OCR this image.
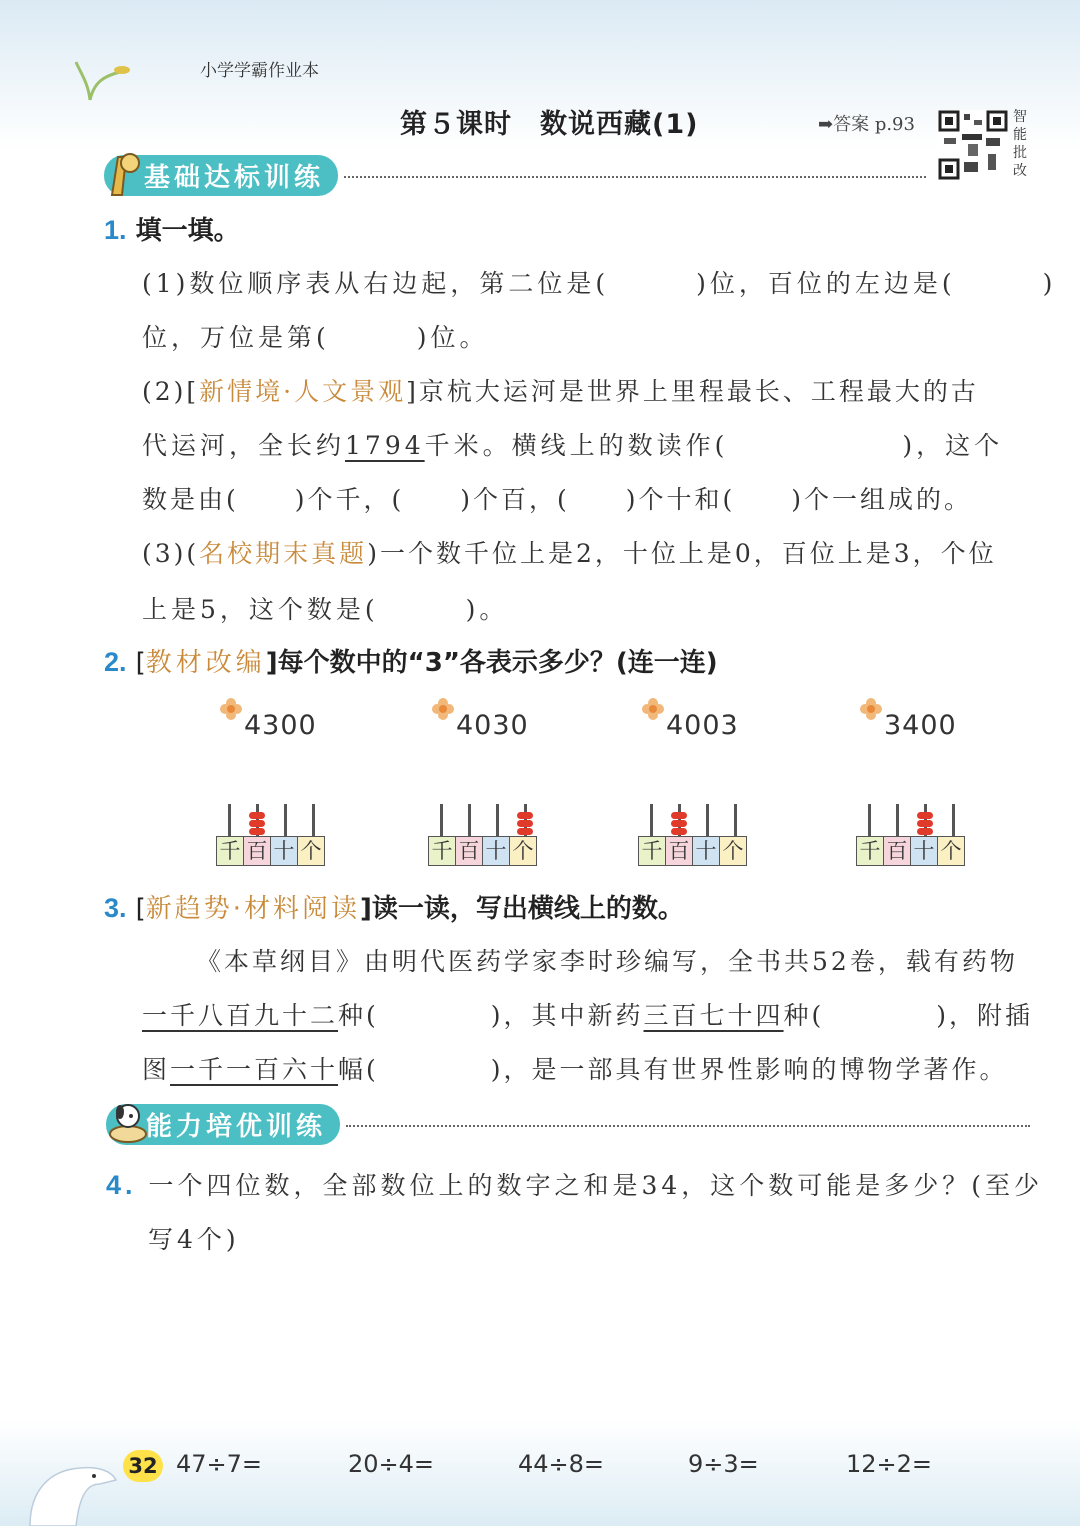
小学学霸作业本
第５课时　数说西藏(1)	➡答案 p.93	智
能
批
改
基础达标训练
1. 填一填。
(1)数位顺序表从右边起，第二位是(　　　)位，百位的左边是(　　　)
位，万位是第(　　　)位。
(2)[新情境·人文景观]京杭大运河是世界上里程最长、工程最大的古
代运河，全长约1794千米。横线上的数读作(　　　　　　)，这个
数是由(　　)个千，(　　)个百，(　　)个十和(　　)个一组成的。
(3)(名校期末真题)一个数千位上是2，十位上是0，百位上是3，个位
上是5，这个数是(　　　)。
2. [教材改编]每个数中的“3”各表示多少？(连一连)
4300	4030	4003	3400
千 百 十 个	千 百 十 个	千 百 十 个	千 百 十 个
3. [新趋势·材料阅读]读一读，写出横线上的数。
《本草纲目》由明代医药学家李时珍编写，全书共52卷，载有药物
一千八百九十二种(　　　　)，其中新药三百七十四种(　　　　)，附插
图一千一百六十幅(　　　　)，是一部具有世界性影响的博物学著作。
能力培优训练
4. 一个四位数，全部数位上的数字之和是34，这个数可能是多少？(至少
写4个)
32 47÷7=	20÷4=	44÷8=	9÷3=	12÷2=
